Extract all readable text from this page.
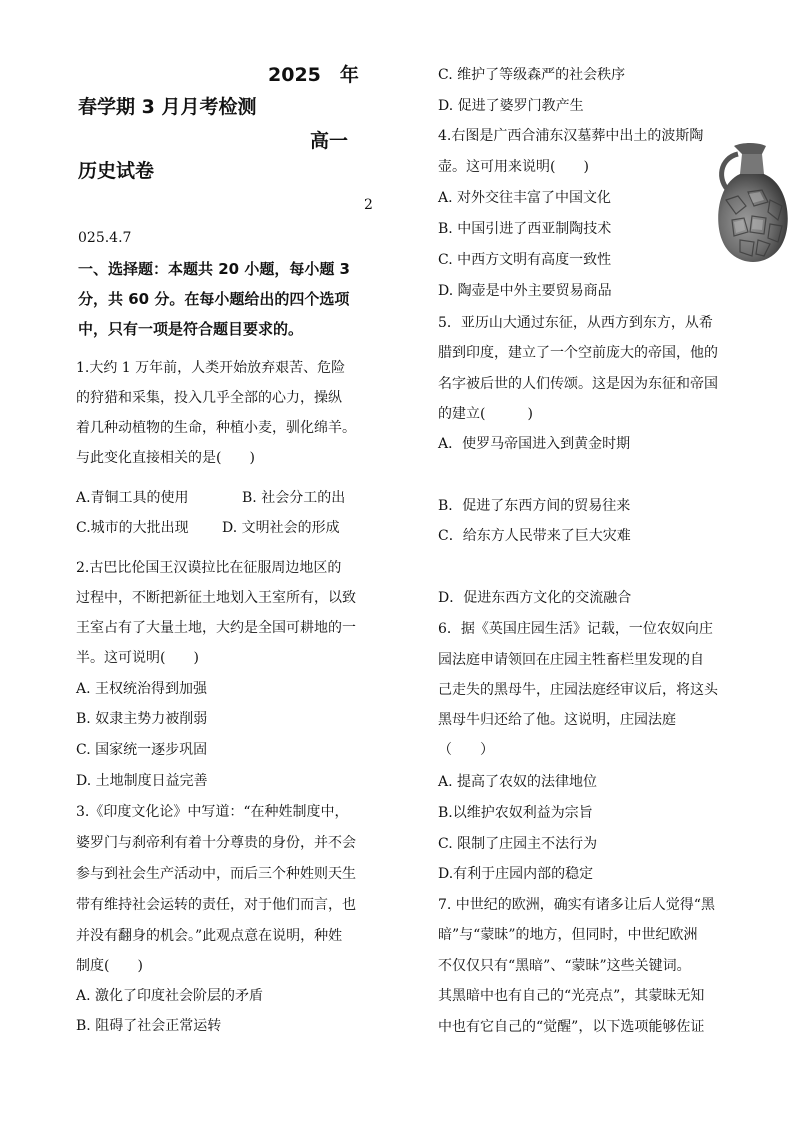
2025　年
春学期 3 月月考检测
高一
历史试卷
2
025.4.7
一、选择题：本题共 20 小题，每小题 3
分，共 60 分。在每小题给出的四个选项
中，只有一项是符合题目要求的。
1.大约 1 万年前，人类开始放弃艰苦、危险
的狩猎和采集，投入几乎全部的心力，操纵
着几种动植物的生命，种植小麦，驯化绵羊。
与此变化直接相关的是(　　)
A.青铜工具的使用	B. 社会分工的出
C.城市的大批出现 D. 文明社会的形成
2.古巴比伦国王汉谟拉比在征服周边地区的
过程中，不断把新征土地划入王室所有，以致
王室占有了大量土地，大约是全国可耕地的一
半。这可说明(　　)
A. 王权统治得到加强
B. 奴隶主势力被削弱
C. 国家统一逐步巩固
D. 土地制度日益完善
3.《印度文化论》中写道：“在种姓制度中，
婆罗门与刹帝利有着十分尊贵的身份，并不会
参与到社会生产活动中，而后三个种姓则天生
带有维持社会运转的责任，对于他们而言，也
并没有翻身的机会。”此观点意在说明，种姓
制度(　　)
A. 激化了印度社会阶层的矛盾
B. 阻碍了社会正常运转
C. 维护了等级森严的社会秩序
D. 促进了婆罗门教产生
4.右图是广西合浦东汉墓葬中出土的波斯陶
壶。这可用来说明(　　)
A. 对外交往丰富了中国文化
B. 中国引进了西亚制陶技术
C. 中西方文明有高度一致性
D. 陶壶是中外主要贸易商品
5．亚历山大通过东征，从西方到东方，从希
腊到印度，建立了一个空前庞大的帝国，他的
名字被后世的人们传颂。这是因为东征和帝国
的建立(　　　)
A．使罗马帝国进入到黄金时期
B．促进了东西方间的贸易往来
C．给东方人民带来了巨大灾难
D．促进东西方文化的交流融合
6．据《英国庄园生活》记载，一位农奴向庄
园法庭申请领回在庄园主牲畜栏里发现的自
己走失的黑母牛，庄园法庭经审议后，将这头
黑母牛归还给了他。这说明，庄园法庭
（　　）
A. 提高了农奴的法律地位
B.以维护农奴利益为宗旨
C. 限制了庄园主不法行为
D.有利于庄园内部的稳定
7. 中世纪的欧洲，确实有诸多让后人觉得“黑
暗”与“蒙昧”的地方，但同时，中世纪欧洲
不仅仅只有“黑暗”、“蒙昧”这些关键词。
其黑暗中也有自己的“光亮点”，其蒙昧无知
中也有它自己的“觉醒”，以下选项能够佐证
